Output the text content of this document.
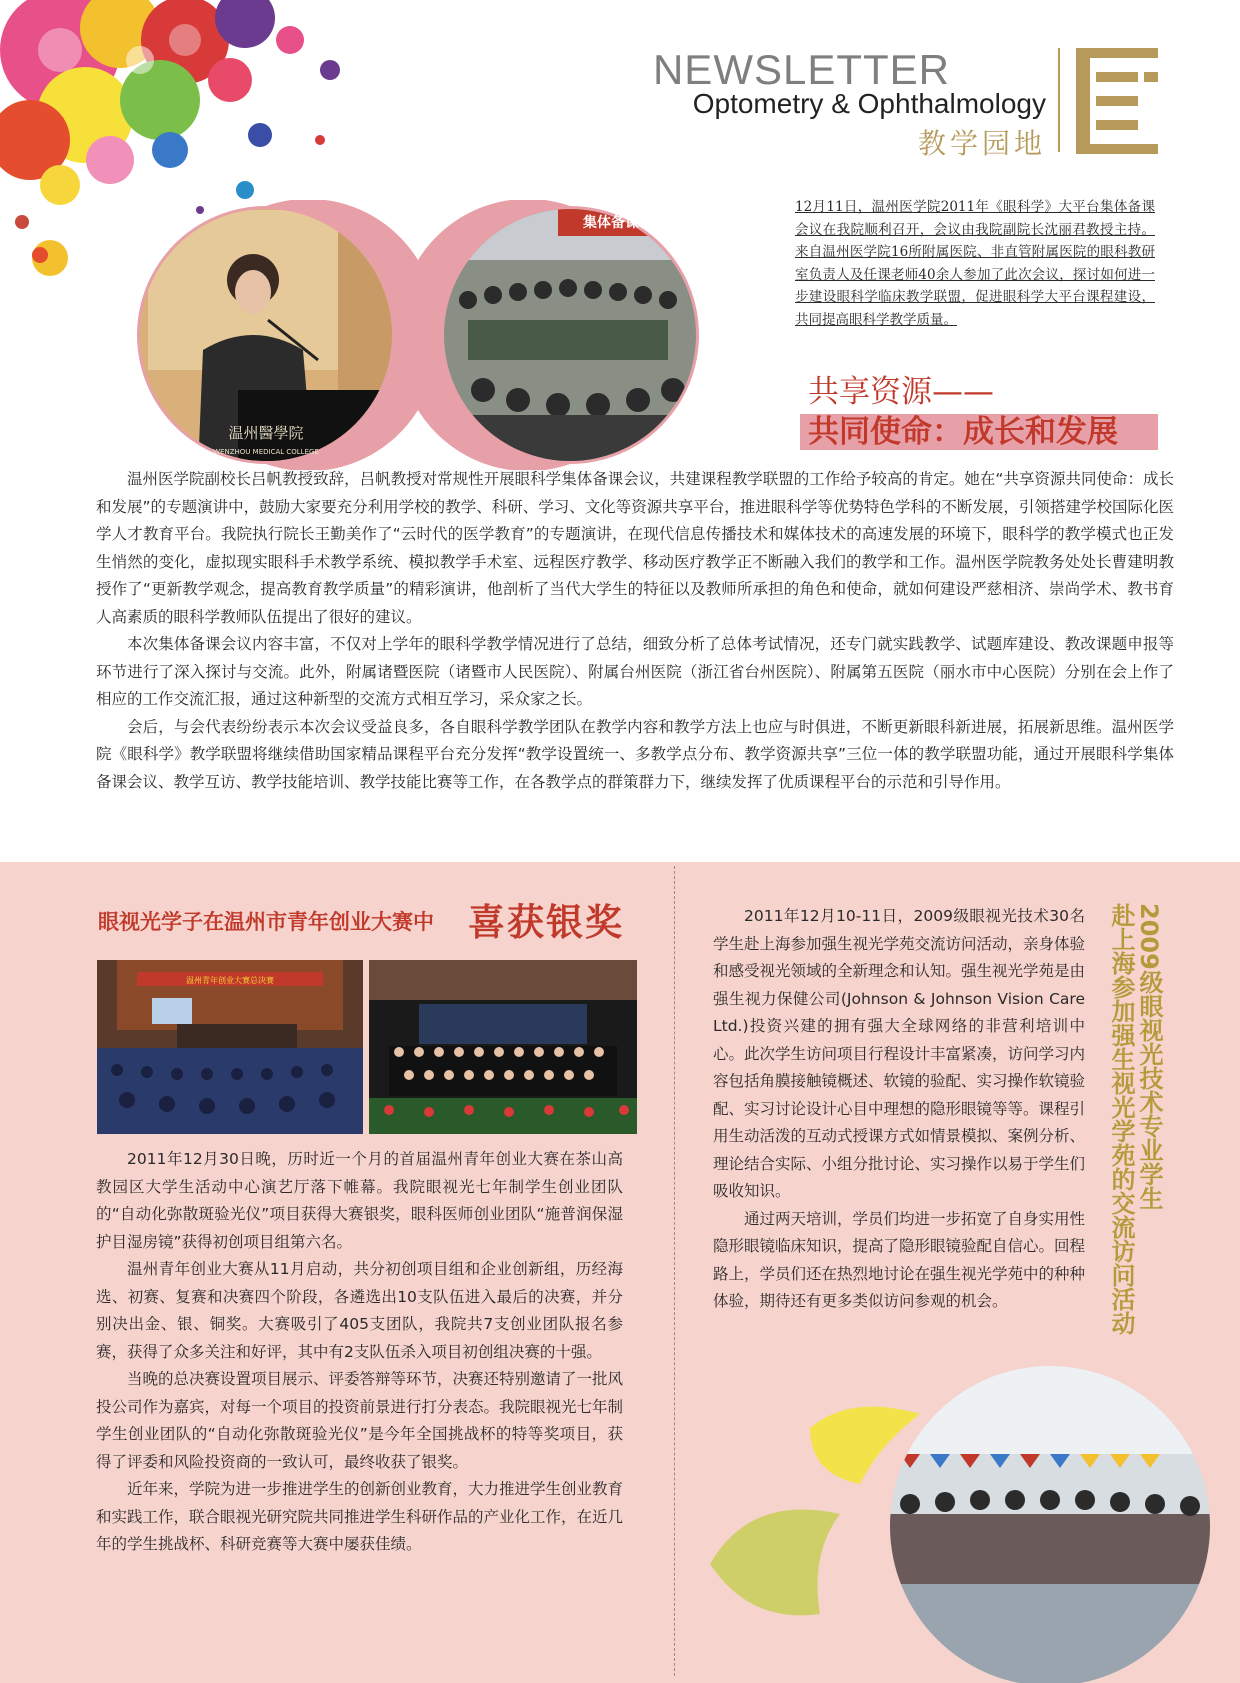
NEWSLETTER
Optometry & Ophthalmology
教学园地
温州醫學院
WENZHOU MEDICAL COLLEGE
集体备课会
12月11日，温州医学院2011年《眼科学》大平台集体备课会议在我院顺利召开，会议由我院副院长沈丽君教授主持。来自温州医学院16所附属医院、非直管附属医院的眼科教研室负责人及任课老师40余人参加了此次会议，探讨如何进一步建设眼科学临床教学联盟，促进眼科学大平台课程建设，共同提高眼科学教学质量。
共享资源——
共同使命：成长和发展

温州医学院副校长吕帆教授致辞，吕帆教授对常规性开展眼科学集体备课会议，共建课程教学联盟的工作给予较高的肯定。她在“共享资源共同使命：成长和发展”的专题演讲中，鼓励大家要充分利用学校的教学、科研、学习、文化等资源共享平台，推进眼科学等优势特色学科的不断发展，引领搭建学校国际化医学人才教育平台。我院执行院长王勤美作了“云时代的医学教育”的专题演讲，在现代信息传播技术和媒体技术的高速发展的环境下，眼科学的教学模式也正发生悄然的变化，虚拟现实眼科手术教学系统、模拟教学手术室、远程医疗教学、移动医疗教学正不断融入我们的教学和工作。温州医学院教务处处长曹建明教授作了“更新教学观念，提高教育教学质量”的精彩演讲，他剖析了当代大学生的特征以及教师所承担的角色和使命，就如何建设严慈相济、崇尚学术、教书育人高素质的眼科学教师队伍提出了很好的建议。

本次集体备课会议内容丰富，不仅对上学年的眼科学教学情况进行了总结，细致分析了总体考试情况，还专门就实践教学、试题库建设、教改课题申报等环节进行了深入探讨与交流。此外，附属诸暨医院（诸暨市人民医院）、附属台州医院（浙江省台州医院）、附属第五医院（丽水市中心医院）分别在会上作了相应的工作交流汇报，通过这种新型的交流方式相互学习，采众家之长。

会后，与会代表纷纷表示本次会议受益良多，各自眼科学教学团队在教学内容和教学方法上也应与时俱进，不断更新眼科新进展，拓展新思维。温州医学院《眼科学》教学联盟将继续借助国家精品课程平台充分发挥“教学设置统一、多教学点分布、教学资源共享”三位一体的教学联盟功能，通过开展眼科学集体备课会议、教学互访、教学技能培训、教学技能比赛等工作，在各教学点的群策群力下，继续发挥了优质课程平台的示范和引导作用。

眼视光学子在温州市青年创业大赛中 喜获银奖
温州青年创业大赛总决赛

2011年12月30日晚，历时近一个月的首届温州青年创业大赛在茶山高教园区大学生活动中心演艺厅落下帷幕。我院眼视光七年制学生创业团队的“自动化弥散斑验光仪”项目获得大赛银奖，眼科医师创业团队“施普润保湿护目湿房镜”获得初创项目组第六名。

温州青年创业大赛从11月启动，共分初创项目组和企业创新组，历经海选、初赛、复赛和决赛四个阶段，各遴选出10支队伍进入最后的决赛，并分别决出金、银、铜奖。大赛吸引了405支团队，我院共7支创业团队报名参赛，获得了众多关注和好评，其中有2支队伍杀入项目初创组决赛的十强。

当晚的总决赛设置项目展示、评委答辩等环节，决赛还特别邀请了一批风投公司作为嘉宾，对每一个项目的投资前景进行打分表态。我院眼视光七年制学生创业团队的“自动化弥散斑验光仪”是今年全国挑战杯的特等奖项目，获得了评委和风险投资商的一致认可，最终收获了银奖。

近年来，学院为进一步推进学生的创新创业教育，大力推进学生创业教育和实践工作，联合眼视光研究院共同推进学生科研作品的产业化工作，在近几年的学生挑战杯、科研竞赛等大赛中屡获佳绩。

2011年12月10-11日，2009级眼视光技术30名学生赴上海参加强生视光学苑交流访问活动，亲身体验和感受视光领域的全新理念和认知。强生视光学苑是由强生视力保健公司(Johnson & Johnson Vision Care Ltd.)投资兴建的拥有强大全球网络的非营利培训中心。此次学生访问项目行程设计丰富紧凑，访问学习内容包括角膜接触镜概述、软镜的验配、实习操作软镜验配、实习讨论设计心目中理想的隐形眼镜等等。课程引用生动活泼的互动式授课方式如情景模拟、案例分析、理论结合实际、小组分批讨论、实习操作以易于学生们吸收知识。

通过两天培训，学员们均进一步拓宽了自身实用性隐形眼镜临床知识，提高了隐形眼镜验配自信心。回程路上，学员们还在热烈地讨论在强生视光学苑中的种种体验，期待还有更多类似访问参观的机会。

2009级眼视光技术专业学生
赴上海参加强生视光学苑的交流访问活动
